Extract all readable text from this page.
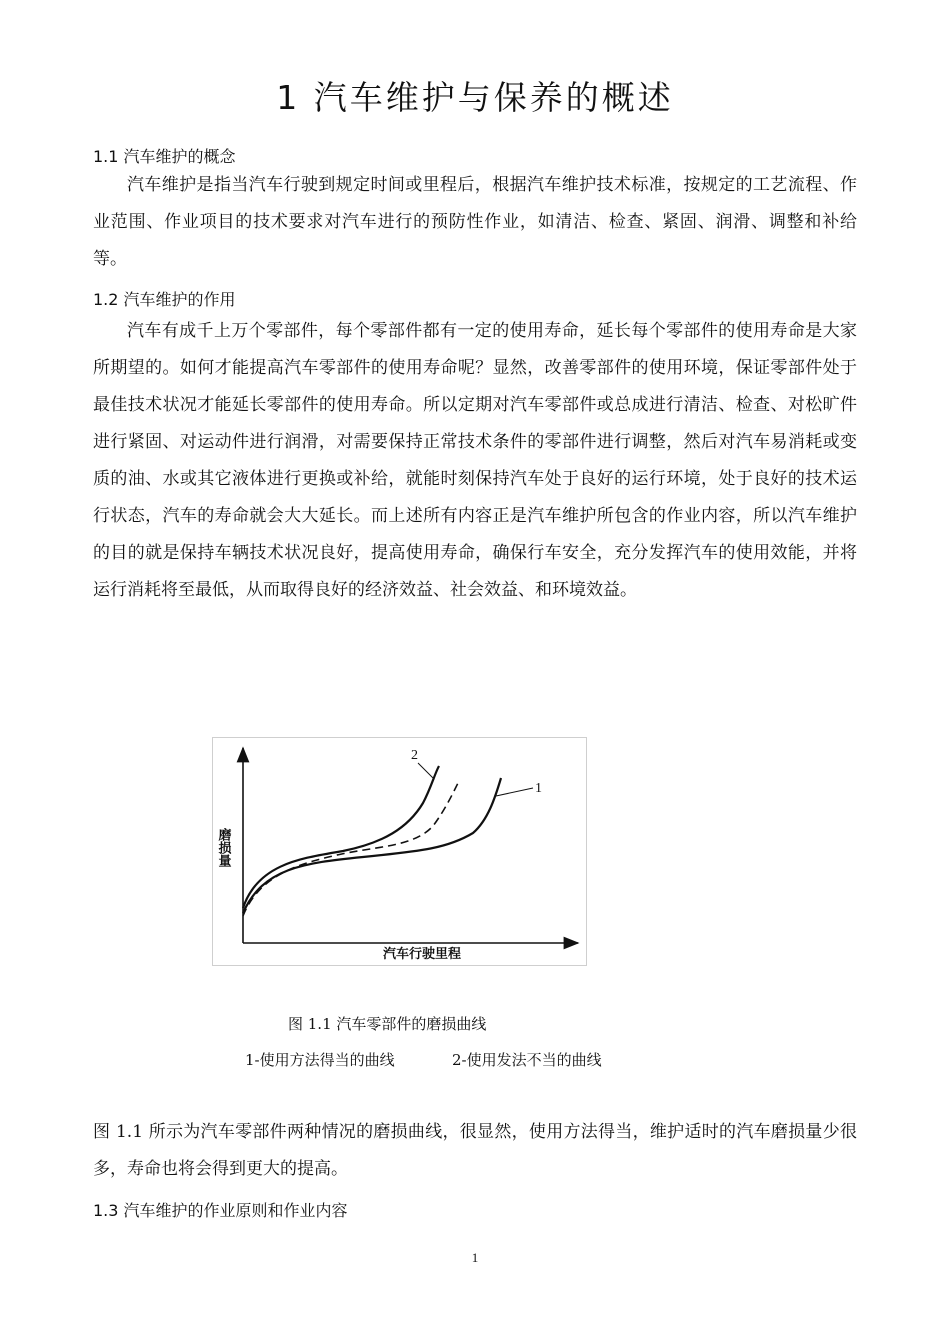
1 汽车维护与保养的概述
1.1 汽车维护的概念

汽车维护是指当汽车行驶到规定时间或里程后，根据汽车维护技术标准，按规定的工艺流程、作业范围、作业项目的技术要求对汽车进行的预防性作业，如清洁、检查、紧固、润滑、调整和补给等。

1.2 汽车维护的作用

汽车有成千上万个零部件，每个零部件都有一定的使用寿命，延长每个零部件的使用寿命是大家所期望的。如何才能提高汽车零部件的使用寿命呢？显然，改善零部件的使用环境，保证零部件处于最佳技术状况才能延长零部件的使用寿命。所以定期对汽车零部件或总成进行清洁、检查、对松旷件进行紧固、对运动件进行润滑，对需要保持正常技术条件的零部件进行调整，然后对汽车易消耗或变质的油、水或其它液体进行更换或补给，就能时刻保持汽车处于良好的运行环境，处于良好的技术运行状态，汽车的寿命就会大大延长。而上述所有内容正是汽车维护所包含的作业内容，所以汽车维护的目的就是保持车辆技术状况良好，提高使用寿命，确保行车安全，充分发挥汽车的使用效能，并将运行消耗将至最低，从而取得良好的经济效益、社会效益、和环境效益。

2
1
磨损量
汽车行驶里程
图 1.1 汽车零部件的磨损曲线
1-使用方法得当的曲线	2-使用发法不当的曲线

图 1.1 所示为汽车零部件两种情况的磨损曲线，很显然，使用方法得当，维护适时的汽车磨损量少很多，寿命也将会得到更大的提高。

1.3 汽车维护的作业原则和作业内容
1
